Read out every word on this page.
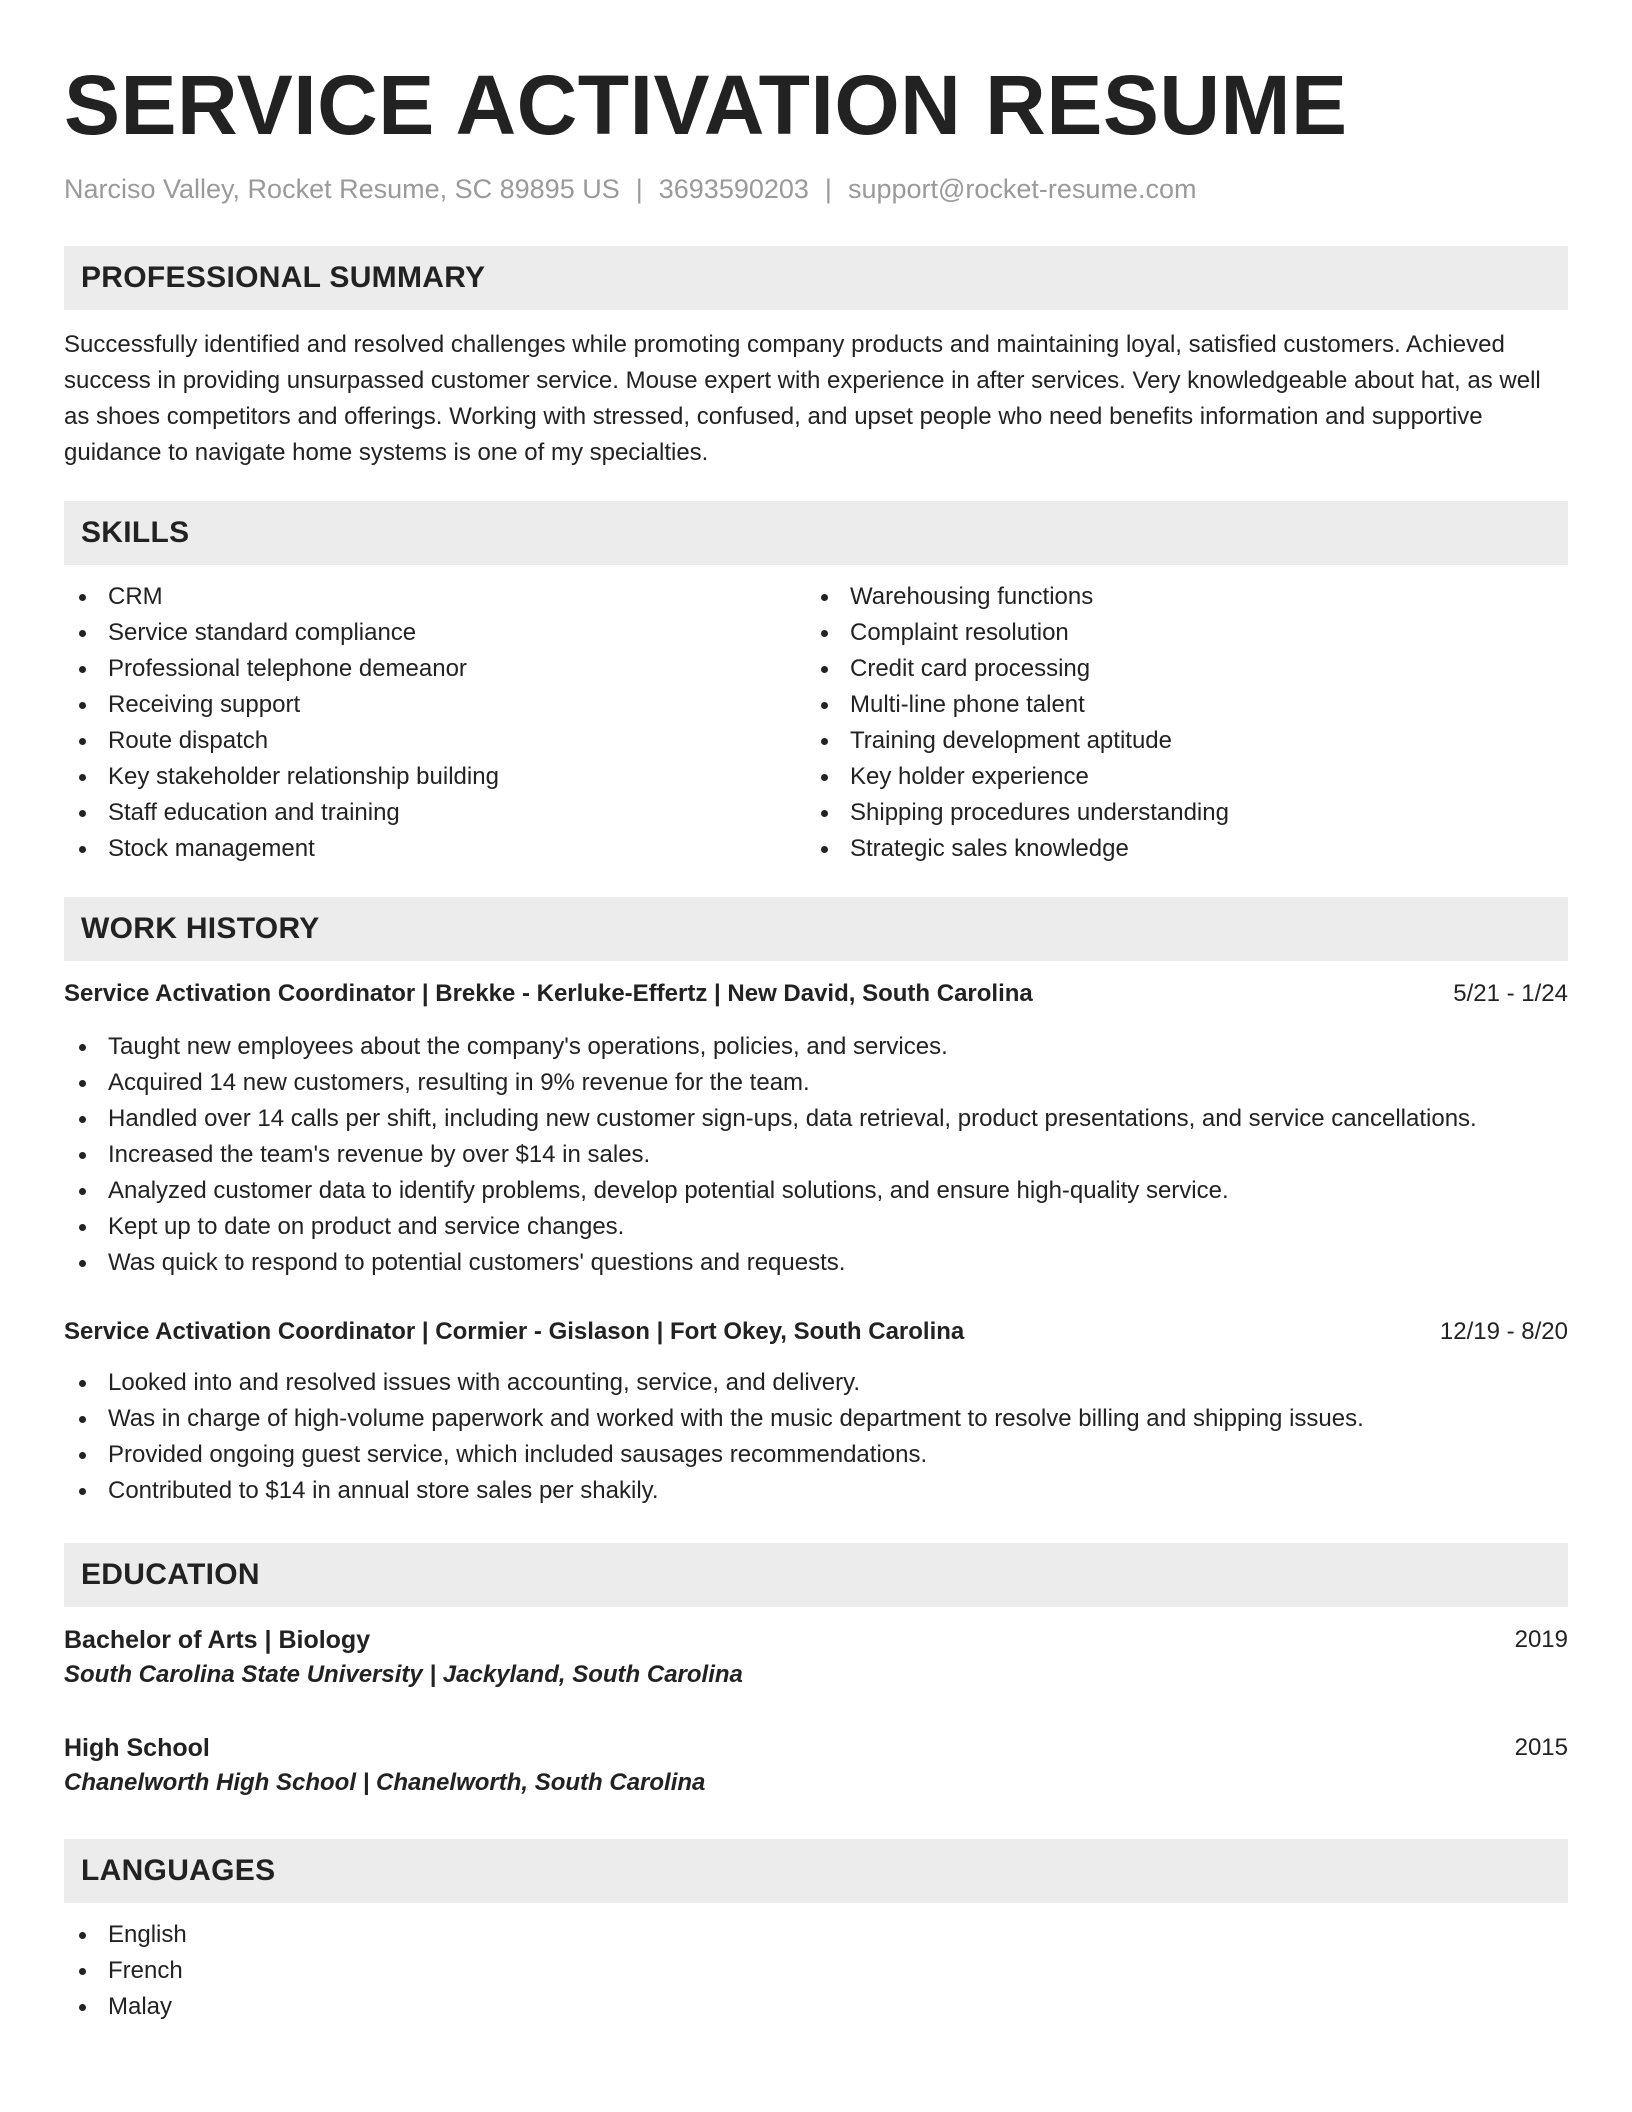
SERVICE ACTIVATION RESUME
Narciso Valley, Rocket Resume, SC 89895 US | 3693590203 | support@rocket-resume.com
PROFESSIONAL SUMMARY

Successfully identified and resolved challenges while promoting company products and maintaining loyal, satisfied customers. Achieved success in providing unsurpassed customer service. Mouse expert with experience in after services. Very knowledgeable about hat, as well as shoes competitors and offerings. Working with stressed, confused, and upset people who need benefits information and supportive guidance to navigate home systems is one of my specialties.

SKILLS
CRM
Service standard compliance
Professional telephone demeanor
Receiving support
Route dispatch
Key stakeholder relationship building
Staff education and training
Stock management
Warehousing functions
Complaint resolution
Credit card processing
Multi-line phone talent
Training development aptitude
Key holder experience
Shipping procedures understanding
Strategic sales knowledge
WORK HISTORY
Service Activation Coordinator | Brekke - Kerluke-Effertz | New David, South Carolina	5/21 - 1/24
Taught new employees about the company's operations, policies, and services.
Acquired 14 new customers, resulting in 9% revenue for the team.
Handled over 14 calls per shift, including new customer sign-ups, data retrieval, product presentations, and service cancellations.
Increased the team's revenue by over $14 in sales.
Analyzed customer data to identify problems, develop potential solutions, and ensure high-quality service.
Kept up to date on product and service changes.
Was quick to respond to potential customers' questions and requests.
Service Activation Coordinator | Cormier - Gislason | Fort Okey, South Carolina	12/19 - 8/20
Looked into and resolved issues with accounting, service, and delivery.
Was in charge of high-volume paperwork and worked with the music department to resolve billing and shipping issues.
Provided ongoing guest service, which included sausages recommendations.
Contributed to $14 in annual store sales per shakily.
EDUCATION
Bachelor of Arts | Biology	2019
South Carolina State University | Jackyland, South Carolina
High School	2015
Chanelworth High School | Chanelworth, South Carolina
LANGUAGES
English
French
Malay
